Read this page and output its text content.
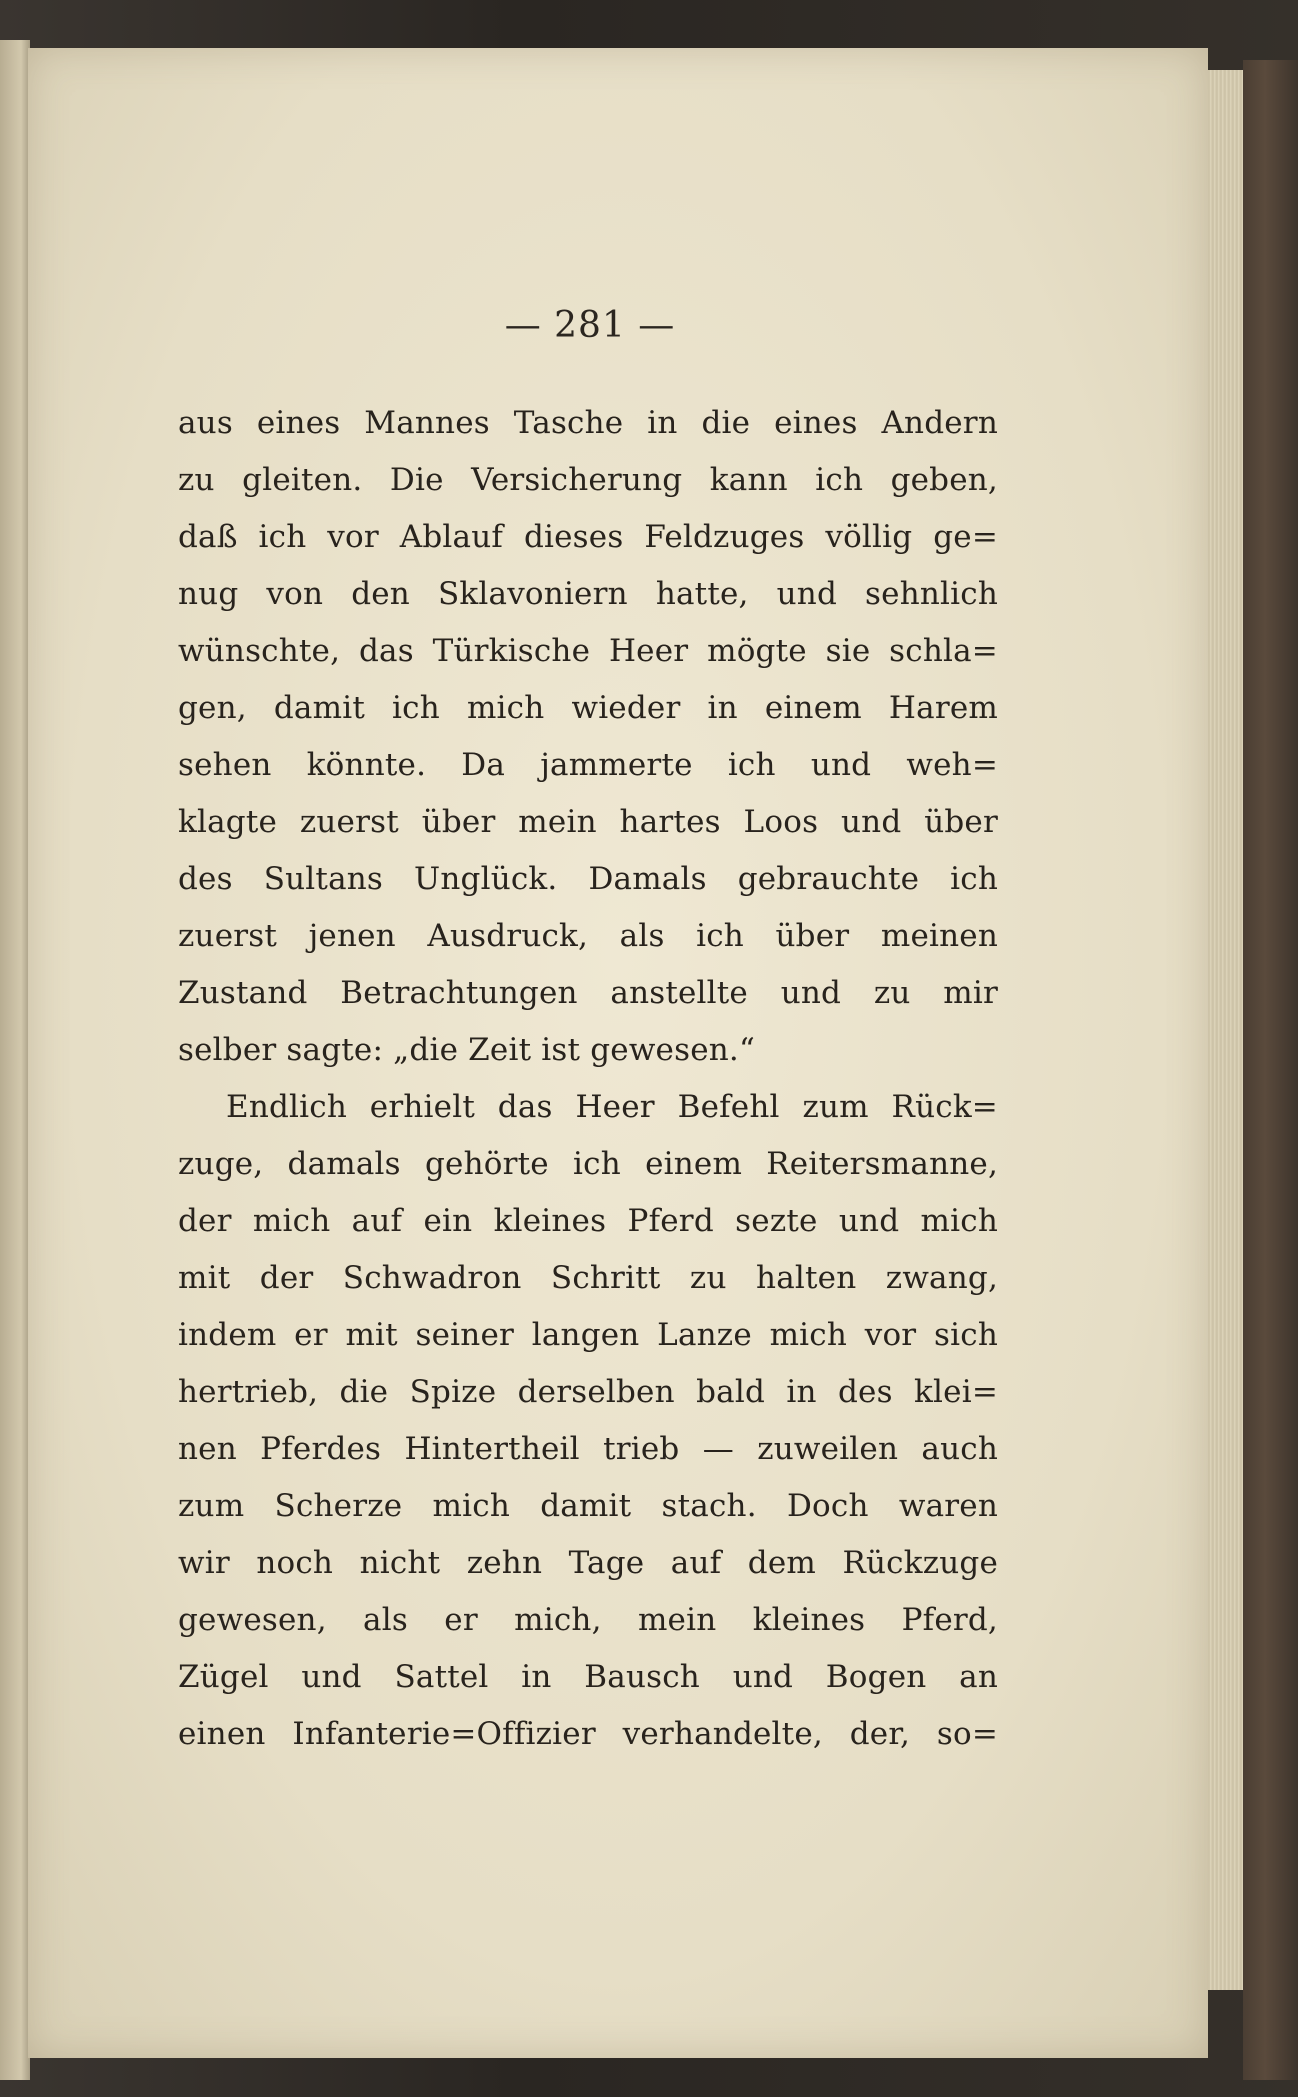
— 281 —
aus eines Mannes Tasche in die eines Andern
zu gleiten. Die Versicherung kann ich geben,
daß ich vor Ablauf dieses Feldzuges völlig ge=
nug von den Sklavoniern hatte, und sehnlich
wünschte, das Türkische Heer mögte sie schla=
gen, damit ich mich wieder in einem Harem
sehen könnte. Da jammerte ich und weh=
klagte zuerst über mein hartes Loos und über
des Sultans Unglück. Damals gebrauchte ich
zuerst jenen Ausdruck, als ich über meinen
Zustand Betrachtungen anstellte und zu mir
selber sagte: „die Zeit ist gewesen.“
Endlich erhielt das Heer Befehl zum Rück=
zuge, damals gehörte ich einem Reitersmanne,
der mich auf ein kleines Pferd sezte und mich
mit der Schwadron Schritt zu halten zwang,
indem er mit seiner langen Lanze mich vor sich
hertrieb, die Spize derselben bald in des klei=
nen Pferdes Hintertheil trieb — zuweilen auch
zum Scherze mich damit stach. Doch waren
wir noch nicht zehn Tage auf dem Rückzuge
gewesen, als er mich, mein kleines Pferd,
Zügel und Sattel in Bausch und Bogen an
einen Infanterie=Offizier verhandelte, der, so=
